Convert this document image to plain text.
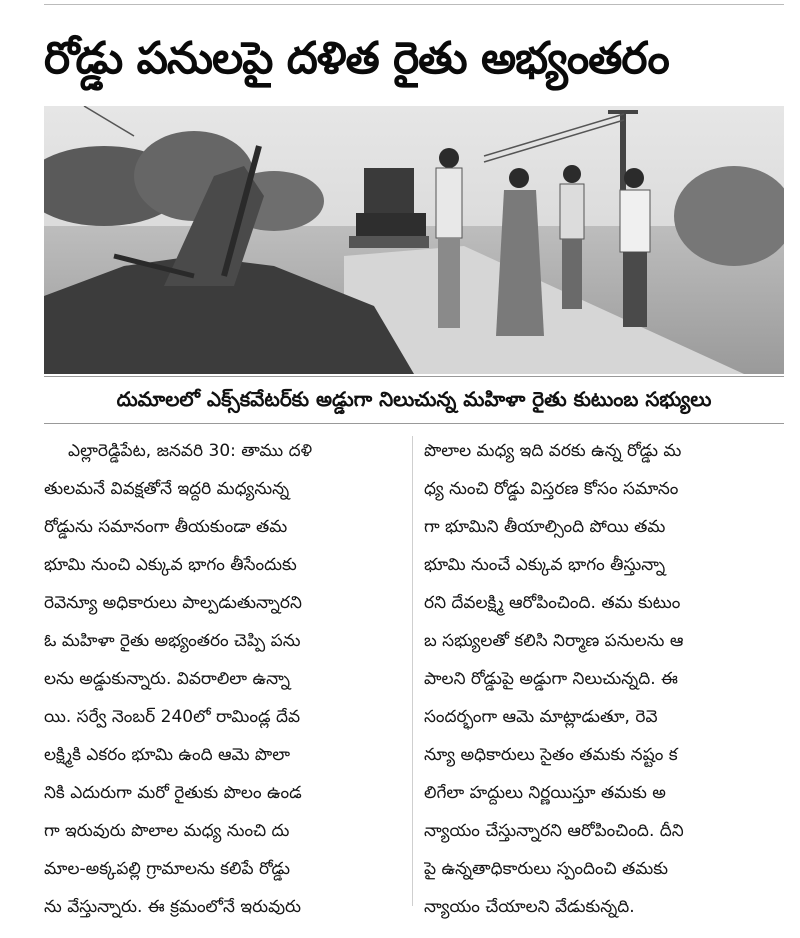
రోడ్డు పనులపై దళిత రైతు అభ్యంతరం
దుమాలలో ఎక్స్‌కవేటర్‌కు అడ్డుగా నిలుచున్న మహిళా రైతు కుటుంబ సభ్యులు
ఎల్లారెడ్డిపేట, జనవరి 30: తాము దళి
తులమనే వివక్షతోనే ఇద్దరి మధ్యనున్న
రోడ్డును సమానంగా తీయకుండా తమ
భూమి నుంచి ఎక్కువ భాగం తీసేందుకు
రెవెన్యూ అధికారులు పాల్పడుతున్నారని
ఓ మహిళా రైతు అభ్యంతరం చెప్పి పను
లను అడ్డుకున్నారు. వివరాలిలా ఉన్నా
యి. సర్వే నెంబర్ 240లో రామిండ్ల దేవ
లక్ష్మికి ఎకరం భూమి ఉంది ఆమె పొలా
నికి ఎదురుగా మరో రైతుకు పొలం ఉండ
గా ఇరువురు పొలాల మధ్య నుంచి దు
మాల-అక్కపల్లి గ్రామాలను కలిపే రోడ్డు
ను వేస్తున్నారు. ఈ క్రమంలోనే ఇరువురు
పొలాల మధ్య ఇది వరకు ఉన్న రోడ్డు మ
ధ్య నుంచి రోడ్డు విస్తరణ కోసం సమానం
గా భూమిని తీయాల్సింది పోయి తమ
భూమి నుంచే ఎక్కువ భాగం తీస్తున్నా
రని దేవలక్ష్మి ఆరోపించింది. తమ కుటుం
బ సభ్యులతో కలిసి నిర్మాణ పనులను ఆ
పాలని రోడ్డుపై అడ్డుగా నిలుచున్నది. ఈ
సందర్భంగా ఆమె మాట్లాడుతూ, రెవె
న్యూ అధికారులు సైతం తమకు నష్టం క
లిగేలా హద్దులు నిర్ణయిస్తూ తమకు అ
న్యాయం చేస్తున్నారని ఆరోపించింది. దీని
పై ఉన్నతాధికారులు స్పందించి తమకు
న్యాయం చేయాలని వేడుకున్నది.
